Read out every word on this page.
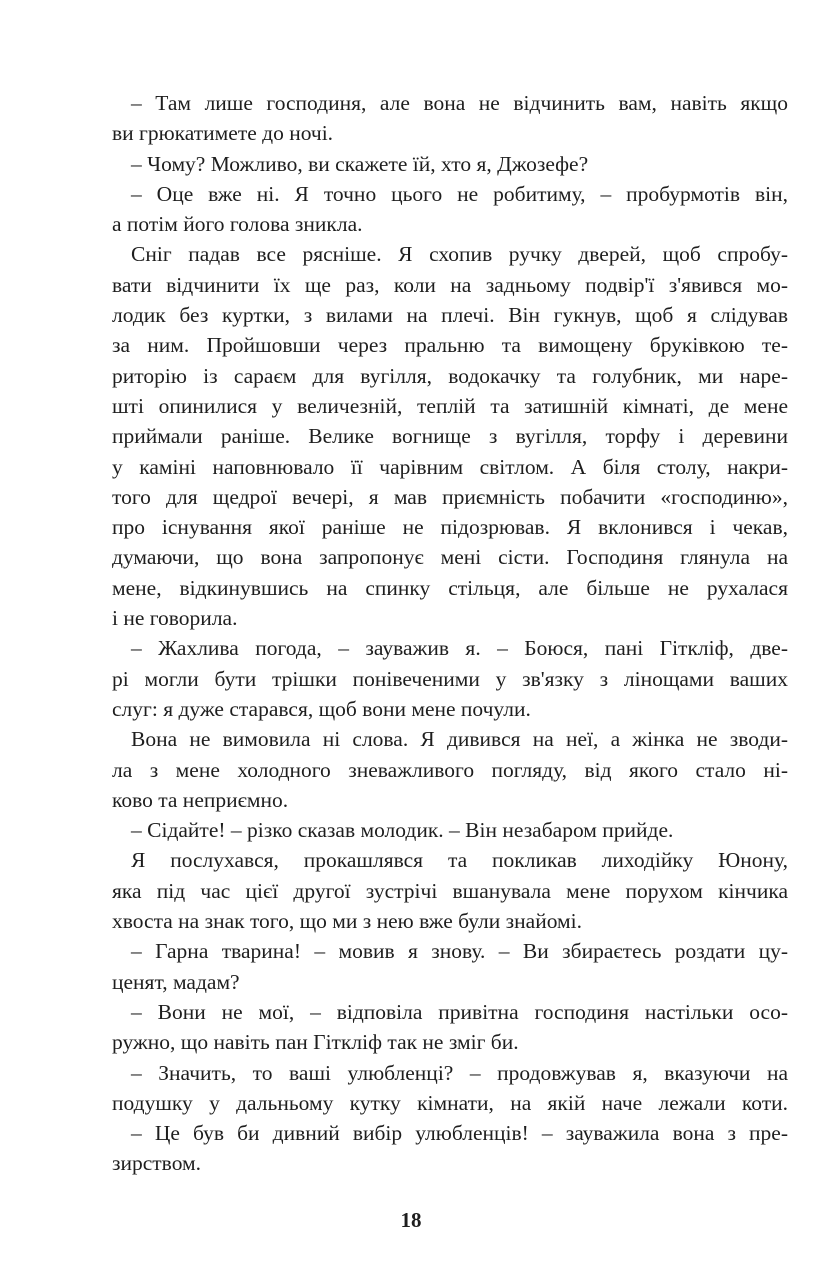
– Там лише господиня, але вона не відчинить вам, навіть якщо
ви грюкатимете до ночі.
– Чому? Можливо, ви скажете їй, хто я, Джозефе?
– Оце вже ні. Я точно цього не робитиму, – пробурмотів він,
а потім його голова зникла.
Сніг падав все рясніше. Я схопив ручку дверей, щоб спробу-
вати відчинити їх ще раз, коли на задньому подвір'ї з'явився мо-
лодик без куртки, з вилами на плечі. Він гукнув, щоб я слідував
за ним. Пройшовши через пральню та вимощену бруківкою те-
риторію із сараєм для вугілля, водокачку та голубник, ми наре-
шті опинилися у величезній, теплій та затишній кімнаті, де мене
приймали раніше. Велике вогнище з вугілля, торфу і деревини
у каміні наповнювало її чарівним світлом. А біля столу, накри-
того для щедрої вечері, я мав приємність побачити «господиню»,
про існування якої раніше не підозрював. Я вклонився і чекав,
думаючи, що вона запропонує мені сісти. Господиня глянула на
мене, відкинувшись на спинку стільця, але більше не рухалася
і не говорила.
– Жахлива погода, – зауважив я. – Боюся, пані Гіткліф, две-
рі могли бути трішки понівеченими у зв'язку з лінощами ваших
слуг: я дуже старався, щоб вони мене почули.
Вона не вимовила ні слова. Я дивився на неї, а жінка не зводи-
ла з мене холодного зневажливого погляду, від якого стало ні-
ково та неприємно.
– Сідайте! – різко сказав молодик. – Він незабаром прийде.
Я послухався, прокашлявся та покликав лиходійку Юнону,
яка під час цієї другої зустрічі вшанувала мене порухом кінчика
хвоста на знак того, що ми з нею вже були знайомі.
– Гарна тварина! – мовив я знову. – Ви збираєтесь роздати цу-
ценят, мадам?
– Вони не мої, – відповіла привітна господиня настільки осо-
ружно, що навіть пан Гіткліф так не зміг би.
– Значить, то ваші улюбленці? – продовжував я, вказуючи на
подушку у дальньому кутку кімнати, на якій наче лежали коти.
– Це був би дивний вибір улюбленців! – зауважила вона з пре-
зирством.
18
